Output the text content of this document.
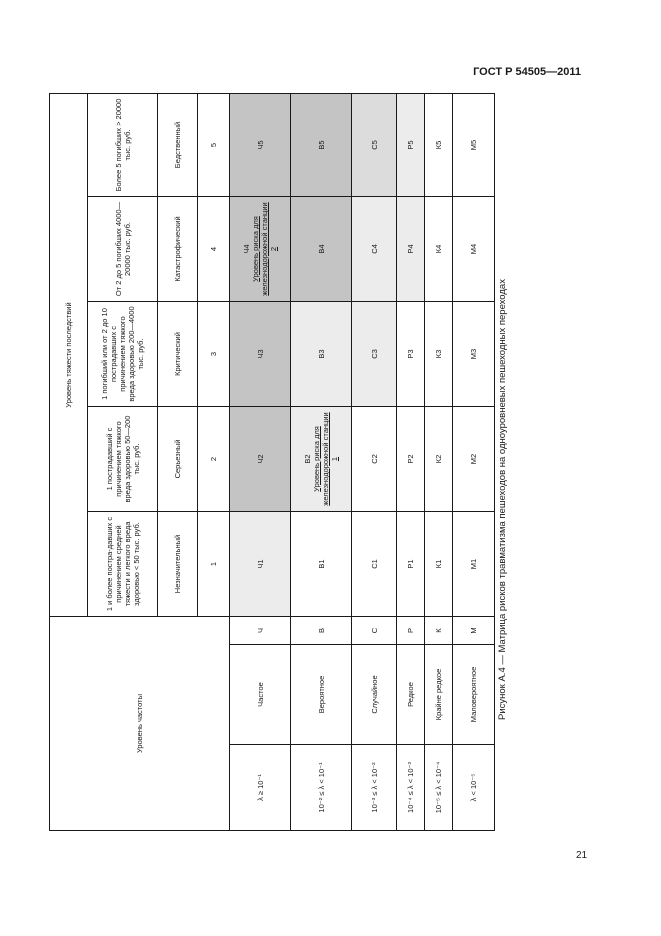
ГОСТ Р 54505—2011
Уровень частоты			Уровень тяжести последствий				
			1 и более постра-давших с причинением средней тяжести и легкого вреда здоровью < 50 тыс. руб.	1 пострадавший с причинением тяжкого вреда здоровью 50—200 тыс. руб.	1 погибший или от 2 до 10 пострадавших с причинением тяжкого вреда здоровью 200—4000 тыс. руб.	От 2 до 5 погибших 4000—20000 тыс. руб.	Более 5 погибших > 20000 тыс. руб.
			Незначительный	Серьезный	Критический	Катастрофический	Бедственный
			1	2	3	4	5
λ ≥ 10⁻¹	Частое	Ч	Ч1	Ч2	Ч3	Ч4 Уровень риска для железнодорожной станции 2	Ч5
10⁻² ≤ λ < 10⁻¹	Вероятное	В	В1	В2 Уровень риска для железнодорожной станции 1	В3	В4	В5
10⁻³ ≤ λ < 10⁻²	Случайное	С	С1	С2	С3	С4	С5
10⁻⁴ ≤ λ < 10⁻³	Редкое	Р	Р1	Р2	Р3	Р4	Р5
10⁻⁵ ≤ λ < 10⁻⁴	Крайне редкое	К	К1	К2	К3	К4	К5
λ < 10⁻⁵	Маловероятное	М	М1	М2	М3	М4	М5
Рисунок А.4 — Матрица рисков травматизма пешеходов на одноуровневых пешеходных переходах
21
